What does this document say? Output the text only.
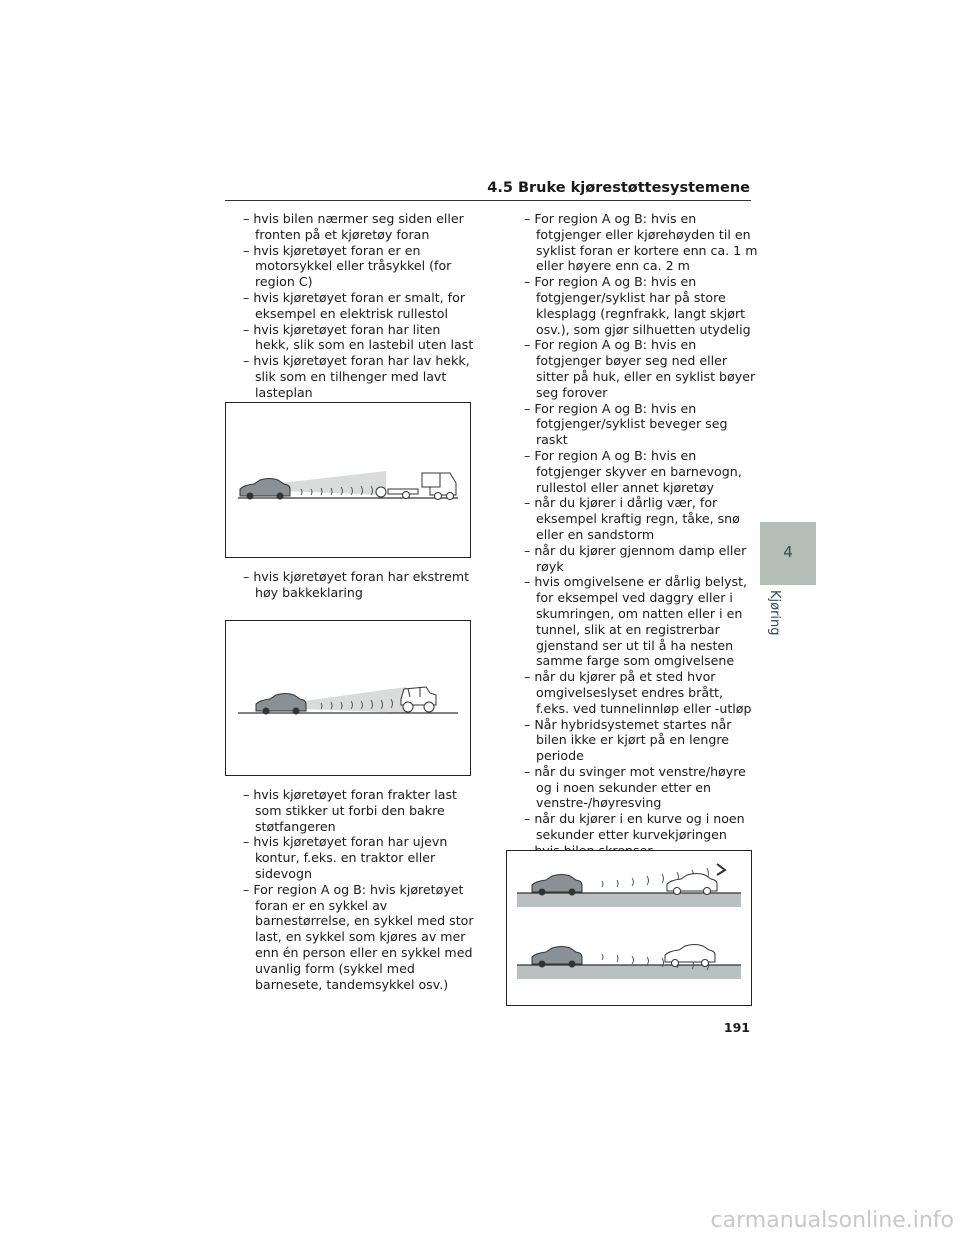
4.5 Bruke kjørestøttesystemene

– hvis bilen nærmer seg siden eller fronten på et kjøretøy foran

– hvis kjøretøyet foran er en motorsykkel eller tråsykkel (for region C)

– hvis kjøretøyet foran er smalt, for eksempel en elektrisk rullestol

– hvis kjøretøyet foran har liten hekk, slik som en lastebil uten last

– hvis kjøretøyet foran har lav hekk, slik som en tilhenger med lavt lasteplan

– hvis kjøretøyet foran har ekstremt høy bakkeklaring

– hvis kjøretøyet foran frakter last som stikker ut forbi den bakre støtfangeren

– hvis kjøretøyet foran har ujevn kontur, f.eks. en traktor eller sidevogn

– For region A og B: hvis kjøretøyet foran er en sykkel av barnestørrelse, en sykkel med stor last, en sykkel som kjøres av mer enn én person eller en sykkel med uvanlig form (sykkel med barnesete, tandemsykkel osv.)

– For region A og B: hvis en fotgjenger eller kjørehøyden til en syklist foran er kortere enn ca. 1 m eller høyere enn ca. 2 m

– For region A og B: hvis en fotgjenger/syklist har på store klesplagg (regnfrakk, langt skjørt osv.), som gjør silhuetten utydelig

– For region A og B: hvis en fotgjenger bøyer seg ned eller sitter på huk, eller en syklist bøyer seg forover

– For region A og B: hvis en fotgjenger/syklist beveger seg raskt

– For region A og B: hvis en fotgjenger skyver en barnevogn, rullestol eller annet kjøretøy

– når du kjører i dårlig vær, for eksempel kraftig regn, tåke, snø eller en sandstorm

– når du kjører gjennom damp eller røyk

– hvis omgivelsene er dårlig belyst, for eksempel ved daggry eller i skumringen, om natten eller i en tunnel, slik at en registrerbar gjenstand ser ut til å ha nesten samme farge som omgivelsene

– når du kjører på et sted hvor omgivelseslyset endres brått, f.eks. ved tunnelinnløp eller -utløp

– Når hybridsystemet startes når bilen ikke er kjørt på en lengre periode

– når du svinger mot venstre/høyre og i noen sekunder etter en venstre-/høyresving

– når du kjører i en kurve og i noen sekunder etter kurvekjøringen

–

–

4
Kjøring
191
carmanualsonline.info
